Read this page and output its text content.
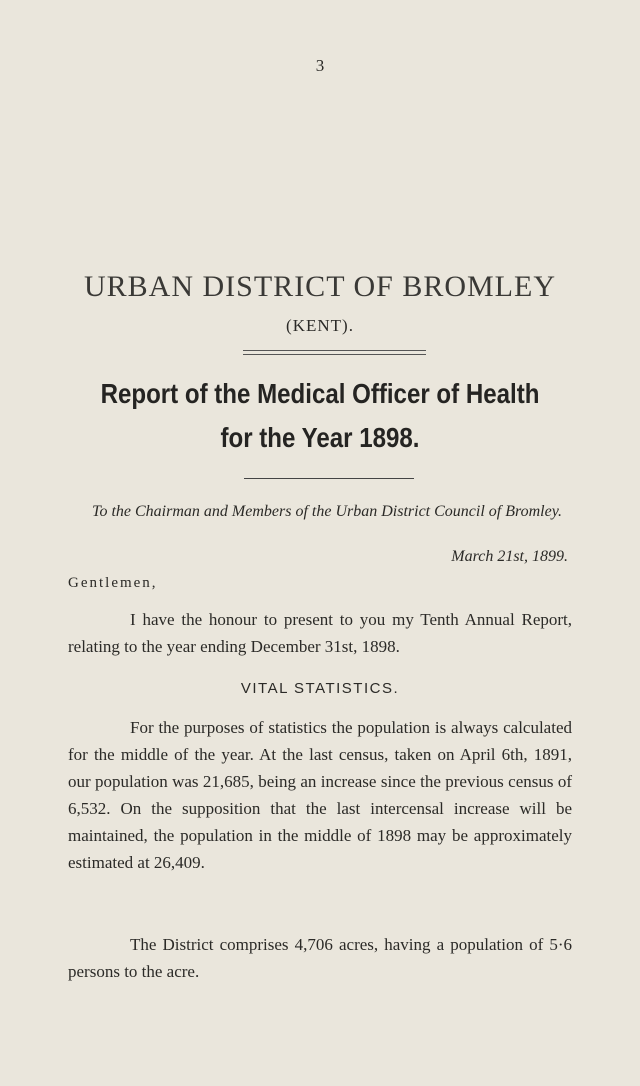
3
URBAN DISTRICT OF BROMLEY
(KENT).
Report of the Medical Officer of Health
for the Year 1898.
To the Chairman and Members of the Urban District Council of Bromley.
March 21st, 1899.
Gentlemen,
I have the honour to present to you my Tenth Annual Report, relating to the year ending December 31st, 1898.
VITAL STATISTICS.
For the purposes of statistics the population is always calculated for the middle of the year. At the last census, taken on April 6th, 1891, our population was 21,685, being an increase since the previous census of 6,532. On the supposition that the last intercensal increase will be maintained, the population in the middle of 1898 may be approximately estimated at 26,409.
The District comprises 4,706 acres, having a population of 5·6 persons to the acre.
